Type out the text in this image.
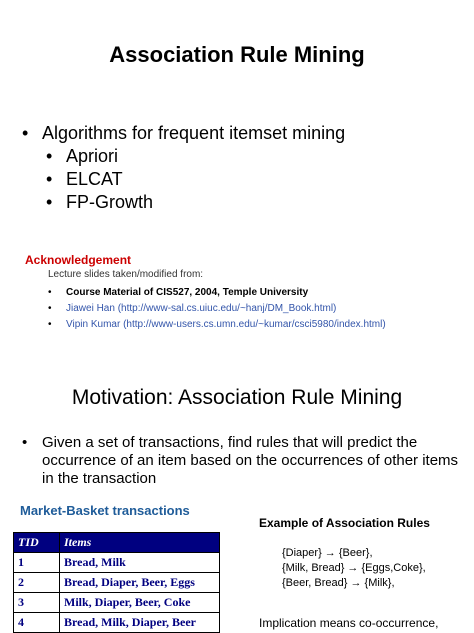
Association Rule Mining
• Algorithms for frequent itemset mining
• Apriori
• ELCAT
• FP-Growth
Acknowledgement
Lecture slides taken/modified from:
• Course Material of CIS527, 2004, Temple University
• Jiawei Han (http://www-sal.cs.uiuc.edu/~hanj/DM_Book.html)
• Vipin Kumar (http://www-users.cs.umn.edu/~kumar/csci5980/index.html)
Motivation: Association Rule Mining
• Given a set of transactions, find rules that will predict the occurrence of an item based on the occurrences of other items in the transaction
Market-Basket transactions
TID	Items
1	Bread, Milk
2	Bread, Diaper, Beer, Eggs
3	Milk, Diaper, Beer, Coke
4	Bread, Milk, Diaper, Beer
Example of Association Rules
{Diaper} → {Beer},
{Milk, Bread} → {Eggs,Coke},
{Beer, Bread} → {Milk},
Implication means co-occurrence,
